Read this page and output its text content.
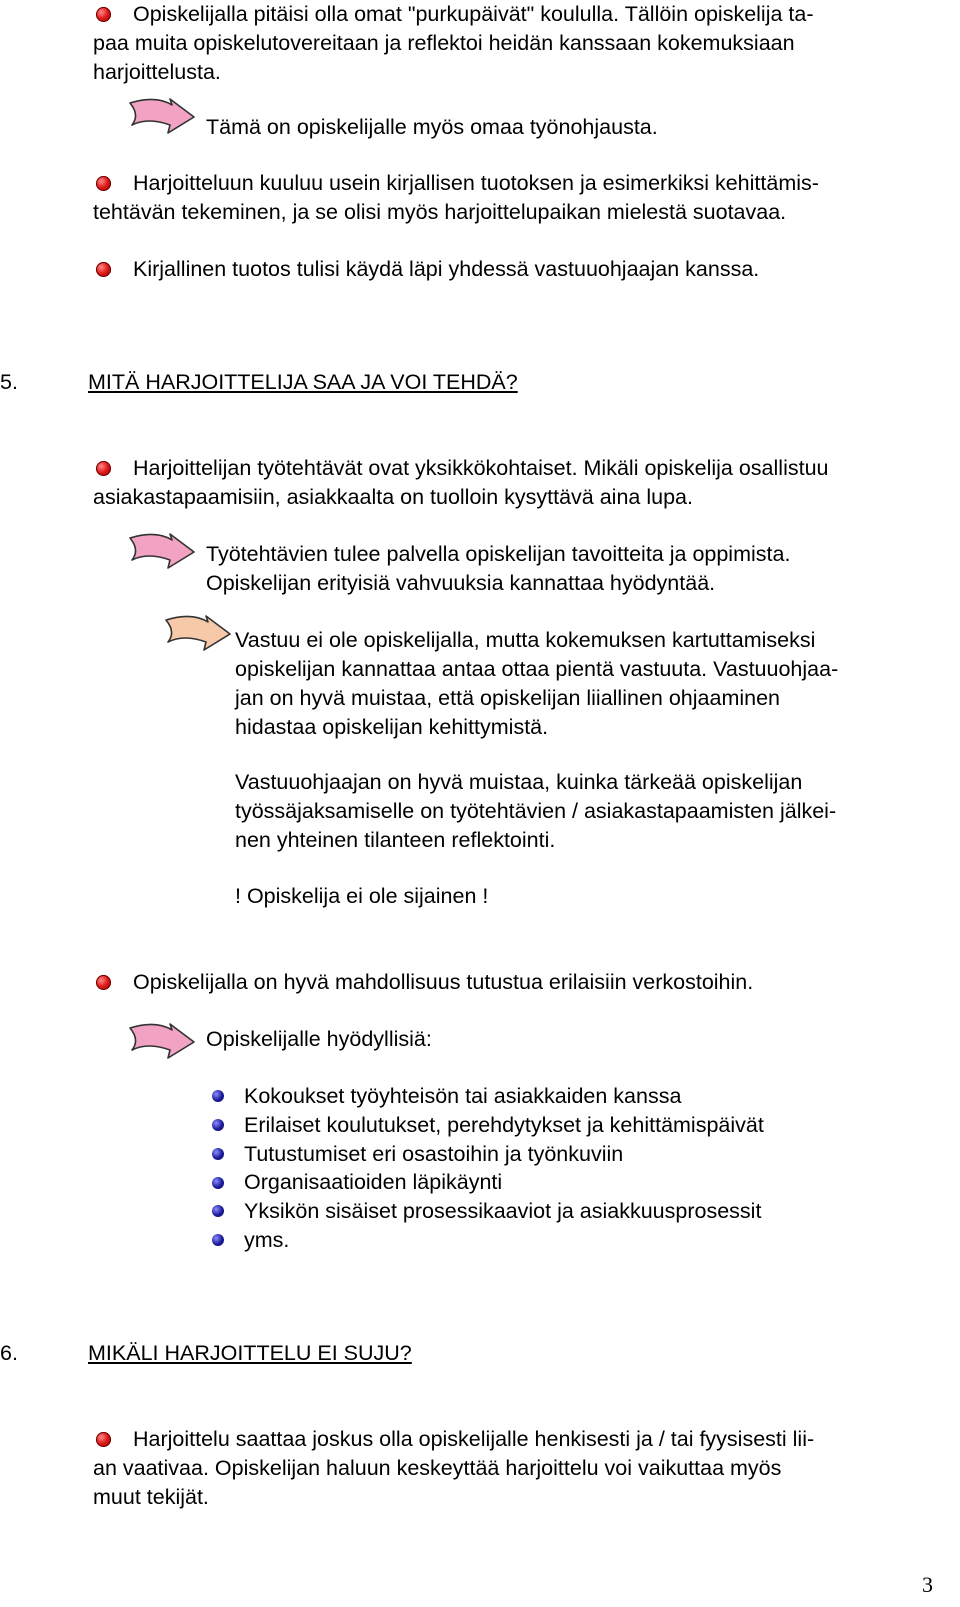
Opiskelijalla pitäisi olla omat "purkupäivät" koululla. Tällöin opiskelija ta-
paa muita opiskelutovereitaan ja reflektoi heidän kanssaan kokemuksiaan
harjoittelusta.

Tämä on opiskelijalle myös omaa työnohjausta.

Harjoitteluun kuuluu usein kirjallisen tuotoksen ja esimerkiksi kehittämis-
tehtävän tekeminen, ja se olisi myös harjoittelupaikan mielestä suotavaa.

Kirjallinen tuotos tulisi käydä läpi yhdessä vastuuohjaajan kanssa.

5.	MITÄ HARJOITTELIJA SAA JA VOI TEHDÄ?

Harjoittelijan työtehtävät ovat yksikkökohtaiset. Mikäli opiskelija osallistuu
asiakastapaamisiin, asiakkaalta on tuolloin kysyttävä aina lupa.

Työtehtävien tulee palvella opiskelijan tavoitteita ja oppimista.
Opiskelijan erityisiä vahvuuksia kannattaa hyödyntää.

Vastuu ei ole opiskelijalla, mutta kokemuksen kartuttamiseksi
opiskelijan kannattaa antaa ottaa pientä vastuuta. Vastuuohjaa-
jan on hyvä muistaa, että opiskelijan liiallinen ohjaaminen
hidastaa opiskelijan kehittymistä.

Vastuuohjaajan on hyvä muistaa, kuinka tärkeää opiskelijan
työssäjaksamiselle on työtehtävien / asiakastapaamisten jälkei-
nen yhteinen tilanteen reflektointi.

! Opiskelija ei ole sijainen !

Opiskelijalla on hyvä mahdollisuus tutustua erilaisiin verkostoihin.

Opiskelijalle hyödyllisiä:

Kokoukset työyhteisön tai asiakkaiden kanssa

Erilaiset koulutukset, perehdytykset ja kehittämispäivät

Tutustumiset eri osastoihin ja työnkuviin

Organisaatioiden läpikäynti

Yksikön sisäiset prosessikaaviot ja asiakkuusprosessit

yms.

6.	MIKÄLI HARJOITTELU EI SUJU?

Harjoittelu saattaa joskus olla opiskelijalle henkisesti ja / tai fyysisesti lii-
an vaativaa. Opiskelijan haluun keskeyttää harjoittelu voi vaikuttaa myös
muut tekijät.

3
